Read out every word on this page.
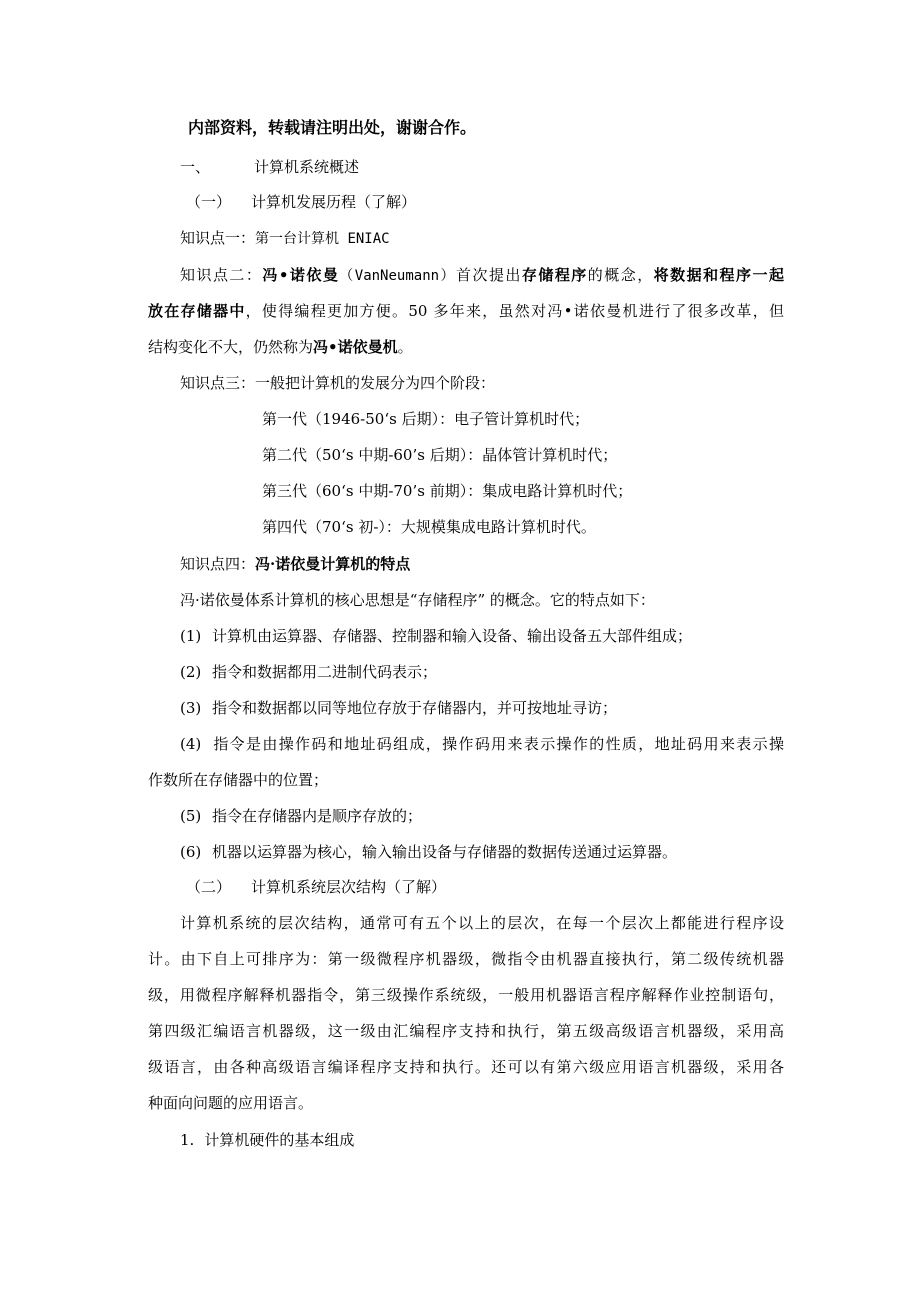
内部资料，转载请注明出处，谢谢合作。
一、	计算机系统概述
（一） 计算机发展历程（了解）
知识点一：第一台计算机 ENIAC
知识点二：冯•诺依曼（VanNeumann）首次提出存储程序的概念，将数据和程序一起
放在存储器中，使得编程更加方便。50 多年来，虽然对冯•诺依曼机进行了很多改革，但
结构变化不大，仍然称为冯•诺依曼机。
知识点三：一般把计算机的发展分为四个阶段：
第一代（1946-50‘s 后期）：电子管计算机时代；
第二代（50‘s 中期-60’s 后期）：晶体管计算机时代；
第三代（60‘s 中期-70’s 前期）：集成电路计算机时代；
第四代（70‘s 初-）：大规模集成电路计算机时代。
知识点四：冯·诺依曼计算机的特点
冯·诺依曼体系计算机的核心思想是“存储程序” 的概念。它的特点如下：
(1) 计算机由运算器、存储器、控制器和输入设备、输出设备五大部件组成；
(2) 指令和数据都用二进制代码表示；
(3) 指令和数据都以同等地位存放于存储器内，并可按地址寻访；
(4) 指令是由操作码和地址码组成，操作码用来表示操作的性质，地址码用来表示操
作数所在存储器中的位置；
(5) 指令在存储器内是顺序存放的；
(6) 机器以运算器为核心，输入输出设备与存储器的数据传送通过运算器。
（二） 计算机系统层次结构（了解）
计算机系统的层次结构，通常可有五个以上的层次，在每一个层次上都能进行程序设
计。由下自上可排序为：第一级微程序机器级，微指令由机器直接执行，第二级传统机器
级，用微程序解释机器指令，第三级操作系统级，一般用机器语言程序解释作业控制语句，
第四级汇编语言机器级，这一级由汇编程序支持和执行，第五级高级语言机器级，采用高
级语言，由各种高级语言编译程序支持和执行。还可以有第六级应用语言机器级，采用各
种面向问题的应用语言。
1. 计算机硬件的基本组成
